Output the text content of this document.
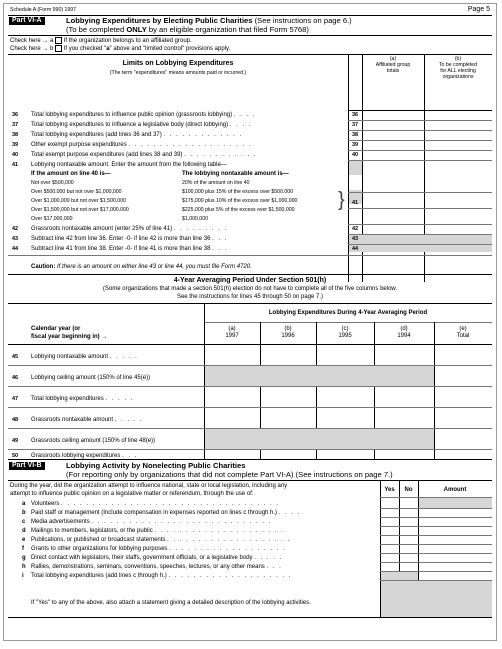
Schedule A (Form 990) 1997	Page 5
Part VI-A	Lobbying Expenditures by Electing Public Charities (See instructions on page 6.)
(To be completed ONLY by an eligible organization that filed Form 5768)
Check here → a If the organization belongs to an affiliated group.
Check here → b If you checked "a" above and "limited control" provisions apply.
Limits on Lobbying Expenditures
(The term "expenditures" means amounts paid or incurred.)
(a)
Affiliated group
totals
(b)
To be completed
for ALL electing
organizations
36 Total lobbying expenditures to influence public opinion (grassroots lobbying) . . . .	36
37 Total lobbying expenditures to influence a legislative body (direct lobbying) . . . .	37
38 Total lobbying expenditures (add lines 36 and 37) . . . . . . . . . . . . .	38
39 Other exempt purpose expenditures . . . . . . . . . . . . . . . . . . . .	39
40 Total exempt purpose expenditures (add lines 38 and 39) . . . . . . . . . . . .	40
41 Lobbying nontaxable amount. Enter the amount from the following table—
If the amount on line 40 is—	The lobbying nontaxable amount is—
Not over $500,000	20% of the amount on line 40
Over $500,000 but not over $1,000,000	$100,000 plus 15% of the excess over $500,000
Over $1,000,000 but not over $1,500,000	$175,000 plus 10% of the excess over $1,000,000
Over $1,500,000 but not over $17,000,000	$225,000 plus 5% of the excess over $1,500,000
Over $17,000,000	$1,000,000
}	41
42 Grassroots nontaxable amount (enter 25% of line 41) . . . . . . . . .	42
43 Subtract line 42 from line 36. Enter -0- if line 42 is more than line 36 . . .	43
44 Subtract line 41 from line 38. Enter -0- if line 41 is more than line 38 . . .	44
Caution: If there is an amount on either line 43 or line 44, you must file Form 4720.
4-Year Averaging Period Under Section 501(h)
(Some organizations that made a section 501(h) election do not have to complete all of the five columns below.
See the instructions for lines 45 through 50 on page 7.)
Lobbying Expenditures During 4-Year Averaging Period
Calendar year (or
fiscal year beginning in) →
(a)
1997
(b)
1996
(c)
1995
(d)
1994
(e)
Total
45 Lobbying nontaxable amount . . . . .
46 Lobbying ceiling amount (150% of line 45(e))
47 Total lobbying expenditures . . . . .
48 Grassroots nontaxable amount . . . . .
49 Grassroots ceiling amount (150% of line 48(e))
50 Grassroots lobbying expenditures . . .
Part VI-B	Lobbying Activity by Nonelecting Public Charities
(For reporting only by organizations that did not complete Part VI-A) (See instructions on page 7.)
During the year, did the organization attempt to influence national, state or local legislation, including any
attempt to influence public opinion on a legislative matter or referendum, through the use of:
Yes	No	Amount
a Volunteers . . . . . . . . . . . . . . . . . . . . . . . . . . . . . . . . . . .
b Paid staff or management (Include compensation in expenses reported on lines c through h.) . . . .
c Media advertisements . . . . . . . . . . . . . . . . . . . . . . . . . . . . .
d Mailings to members, legislators, or the public . . . . . . . . . . . . . . . . . . . . .
e Publications, or published or broadcast statements . . . . . . . . . . . . . . . . . . . .
f Grants to other organizations for lobbying purposes . . . . . . . . . . . . . . . . . . .
g Direct contact with legislators, their staffs, government officials, or a legislative body . . . . .
h Rallies, demonstrations, seminars, conventions, speeches, lectures, or any other means . . .
i Total lobbying expenditures (add lines c through h.) . . . . . . . . . . . . . . . . . . . .
If "Yes" to any of the above, also attach a statement giving a detailed description of the lobbying activities.
